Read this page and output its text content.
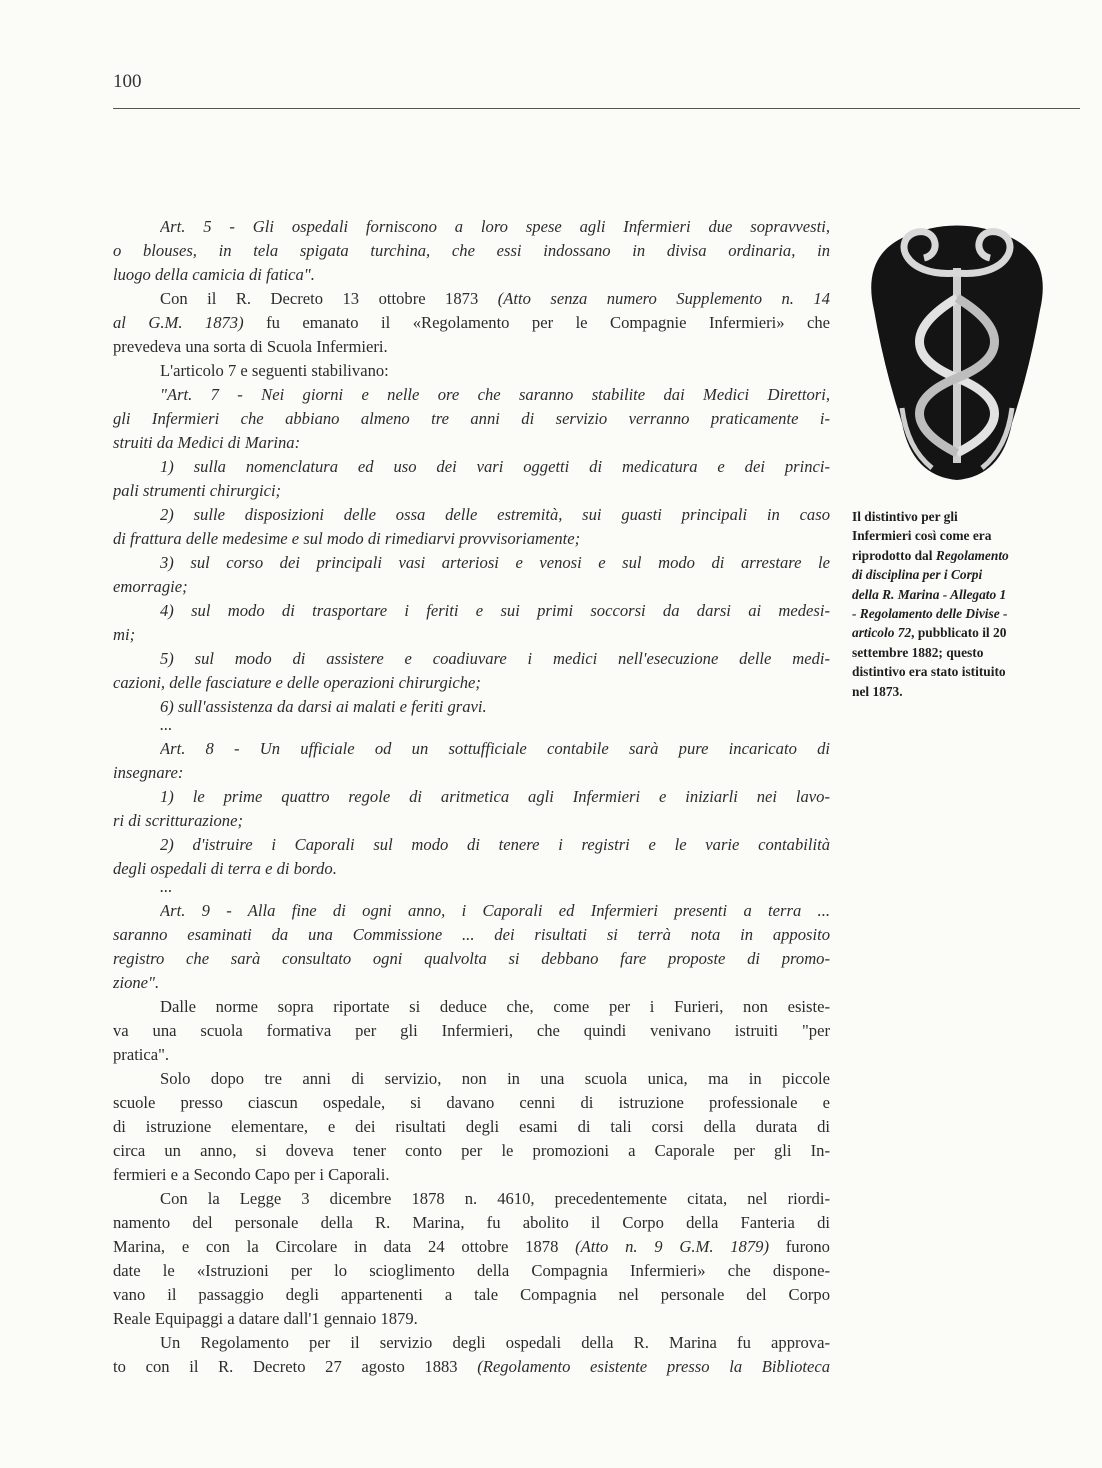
100
Art. 5 - Gli ospedali forniscono a loro spese agli Infermieri due sopravvesti,
o blouses, in tela spigata turchina, che essi indossano in divisa ordinaria, in
luogo della camicia di fatica".
Con il R. Decreto 13 ottobre 1873 (Atto senza numero Supplemento n. 14
al G.M. 1873) fu emanato il «Regolamento per le Compagnie Infermieri» che
prevedeva una sorta di Scuola Infermieri.
L'articolo 7 e seguenti stabilivano:
"Art. 7 - Nei giorni e nelle ore che saranno stabilite dai Medici Direttori,
gli Infermieri che abbiano almeno tre anni di servizio verranno praticamente i-
struiti da Medici di Marina:
1) sulla nomenclatura ed uso dei vari oggetti di medicatura e dei princi-
pali strumenti chirurgici;
2) sulle disposizioni delle ossa delle estremità, sui guasti principali in caso
di frattura delle medesime e sul modo di rimediarvi provvisoriamente;
3) sul corso dei principali vasi arteriosi e venosi e sul modo di arrestare le
emorragie;
4) sul modo di trasportare i feriti e sui primi soccorsi da darsi ai medesi-
mi;
5) sul modo di assistere e coadiuvare i medici nell'esecuzione delle medi-
cazioni, delle fasciature e delle operazioni chirurgiche;
6) sull'assistenza da darsi ai malati e feriti gravi.
...
Art. 8 - Un ufficiale od un sottufficiale contabile sarà pure incaricato di
insegnare:
1) le prime quattro regole di aritmetica agli Infermieri e iniziarli nei lavo-
ri di scritturazione;
2) d'istruire i Caporali sul modo di tenere i registri e le varie contabilità
degli ospedali di terra e di bordo.
...
Art. 9 - Alla fine di ogni anno, i Caporali ed Infermieri presenti a terra ...
saranno esaminati da una Commissione ... dei risultati si terrà nota in apposito
registro che sarà consultato ogni qualvolta si debbano fare proposte di promo-
zione".
Dalle norme sopra riportate si deduce che, come per i Furieri, non esiste-
va una scuola formativa per gli Infermieri, che quindi venivano istruiti "per
pratica".
Solo dopo tre anni di servizio, non in una scuola unica, ma in piccole
scuole presso ciascun ospedale, si davano cenni di istruzione professionale e
di istruzione elementare, e dei risultati degli esami di tali corsi della durata di
circa un anno, si doveva tener conto per le promozioni a Caporale per gli In-
fermieri e a Secondo Capo per i Caporali.
Con la Legge 3 dicembre 1878 n. 4610, precedentemente citata, nel riordi-
namento del personale della R. Marina, fu abolito il Corpo della Fanteria di
Marina, e con la Circolare in data 24 ottobre 1878 (Atto n. 9 G.M. 1879) furono
date le «Istruzioni per lo scioglimento della Compagnia Infermieri» che dispone-
vano il passaggio degli appartenenti a tale Compagnia nel personale del Corpo
Reale Equipaggi a datare dall'1 gennaio 1879.
Un Regolamento per il servizio degli ospedali della R. Marina fu approva-
to con il R. Decreto 27 agosto 1883 (Regolamento esistente presso la Biblioteca
Il distintivo per gli
Infermieri così come era
riprodotto dal Regolamento
di disciplina per i Corpi
della R. Marina - Allegato 1
- Regolamento delle Divise -
articolo 72, pubblicato il 20
settembre 1882; questo
distintivo era stato istituito
nel 1873.
